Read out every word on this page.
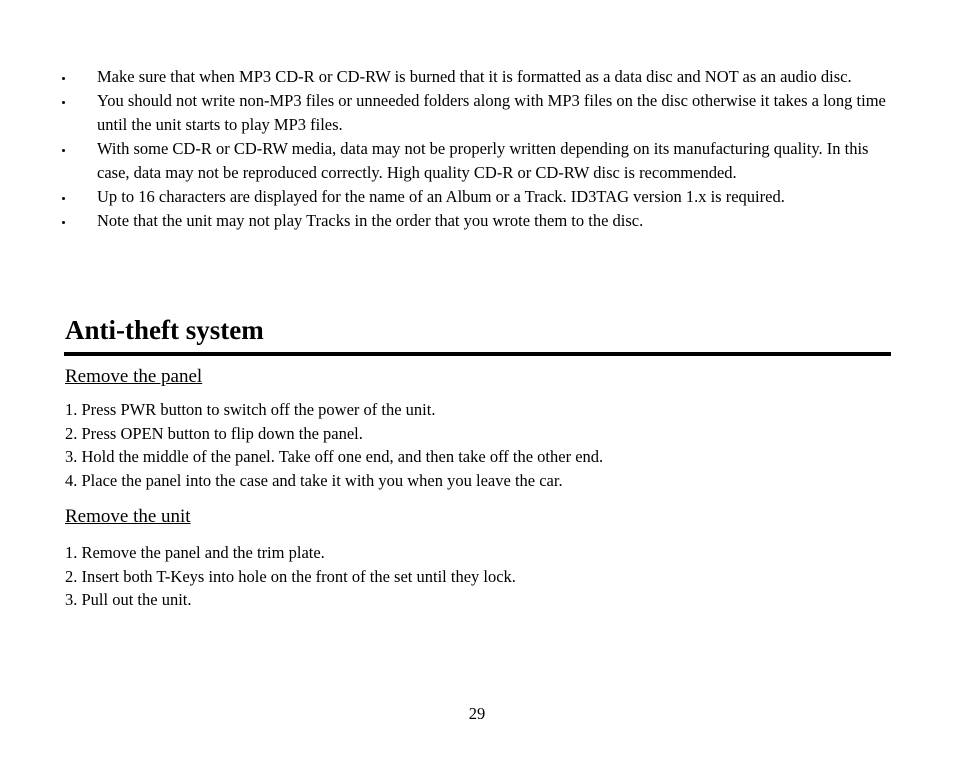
Make sure that when MP3 CD-R or CD-RW is burned that it is formatted as a data disc and NOT as an audio disc.
You should not write non-MP3 files or unneeded folders along with MP3 files on the disc otherwise it takes a long time until the unit starts to play MP3 files.
With some CD-R or CD-RW media, data may not be properly written depending on its manufacturing quality. In this case, data may not be reproduced correctly. High quality CD-R or CD-RW disc is recommended.
Up to 16 characters are displayed for the name of an Album or a Track. ID3TAG version 1.x is required.
Note that the unit may not play Tracks in the order that you wrote them to the disc.
Anti-theft system
Remove the panel
1. Press PWR button to switch off the power of the unit.
2. Press OPEN button to flip down the panel.
3. Hold the middle of the panel. Take off one end, and then take off the other end.
4. Place the panel into the case and take it with you when you leave the car.
Remove the unit
1. Remove the panel and the trim plate.
2. Insert both T-Keys into hole on the front of the set until they lock.
3. Pull out the unit.
29
